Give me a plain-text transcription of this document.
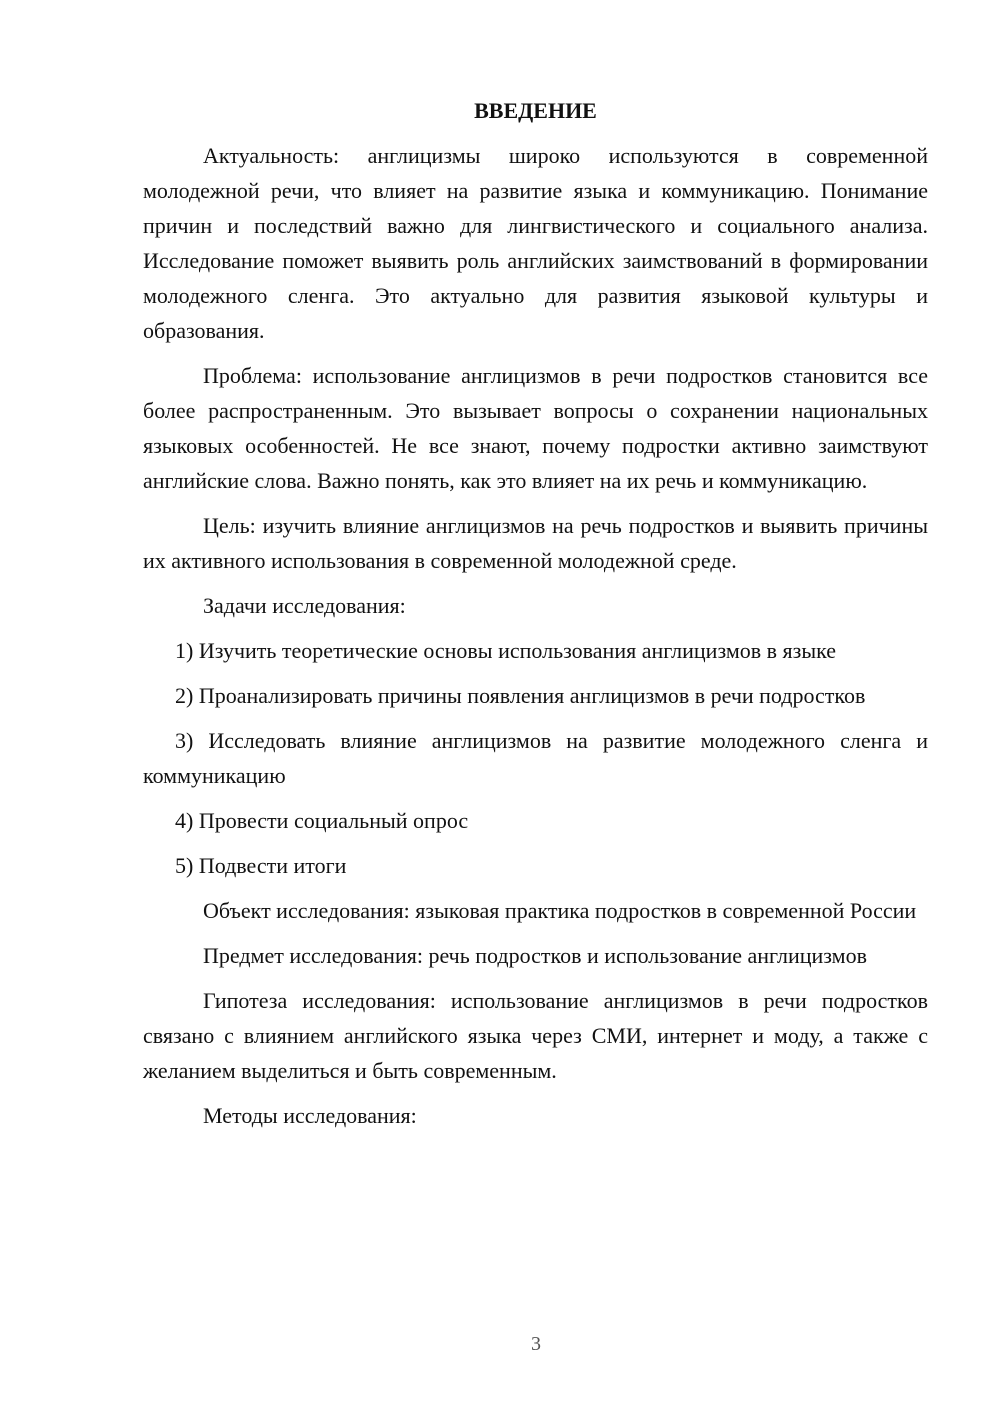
ВВЕДЕНИЕ

Актуальность: англицизмы широко используются в современной молодежной речи, что влияет на развитие языка и коммуникацию. Понимание причин и последствий важно для лингвистического и социального анализа. Исследование поможет выявить роль английских заимствований в формировании молодежного сленга. Это актуально для развития языковой культуры и образования.

Проблема: использование англицизмов в речи подростков становится все более распространенным. Это вызывает вопросы о сохранении национальных языковых особенностей. Не все знают, почему подростки активно заимствуют английские слова. Важно понять, как это влияет на их речь и коммуникацию.

Цель: изучить влияние англицизмов на речь подростков и выявить причины их активного использования в современной молодежной среде.

Задачи исследования:

1) Изучить теоретические основы использования англицизмов в языке

2) Проанализировать причины появления англицизмов в речи подростков

3) Исследовать влияние англицизмов на развитие молодежного сленга и коммуникацию

4) Провести социальный опрос

5) Подвести итоги

Объект исследования: языковая практика подростков в современной России

Предмет исследования: речь подростков и использование англицизмов

Гипотеза исследования: использование англицизмов в речи подростков связано с влиянием английского языка через СМИ, интернет и моду, а также с желанием выделиться и быть современным.

Методы исследования:

3
